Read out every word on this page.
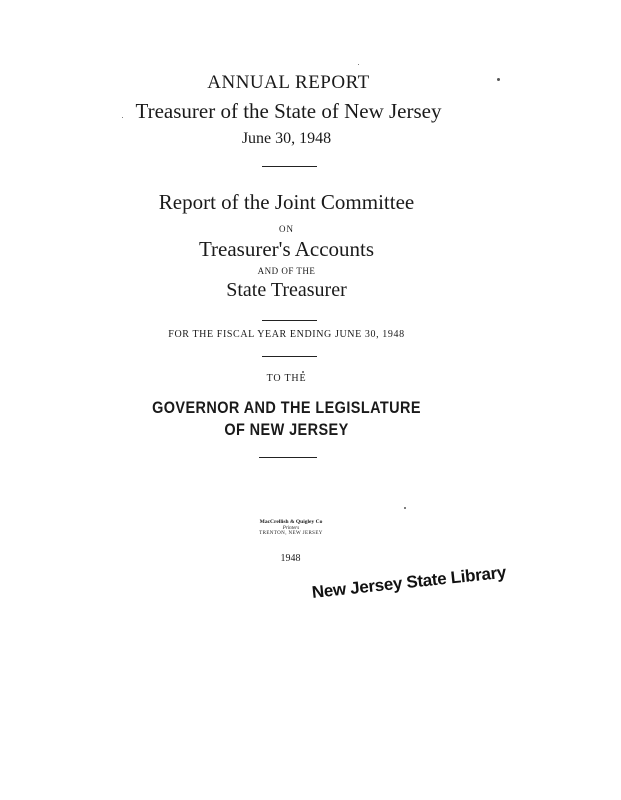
ANNUAL REPORT
Treasurer of the State of New Jersey
June 30, 1948
Report of the Joint Committee
ON
Treasurer's Accounts
AND OF THE
State Treasurer
FOR THE FISCAL YEAR ENDING JUNE 30, 1948
TO THE
GOVERNOR AND THE LEGISLATURE
OF NEW JERSEY
MacCrellish & Quigley Co
Printers
TRENTON, NEW JERSEY
1948
New Jersey State Library
